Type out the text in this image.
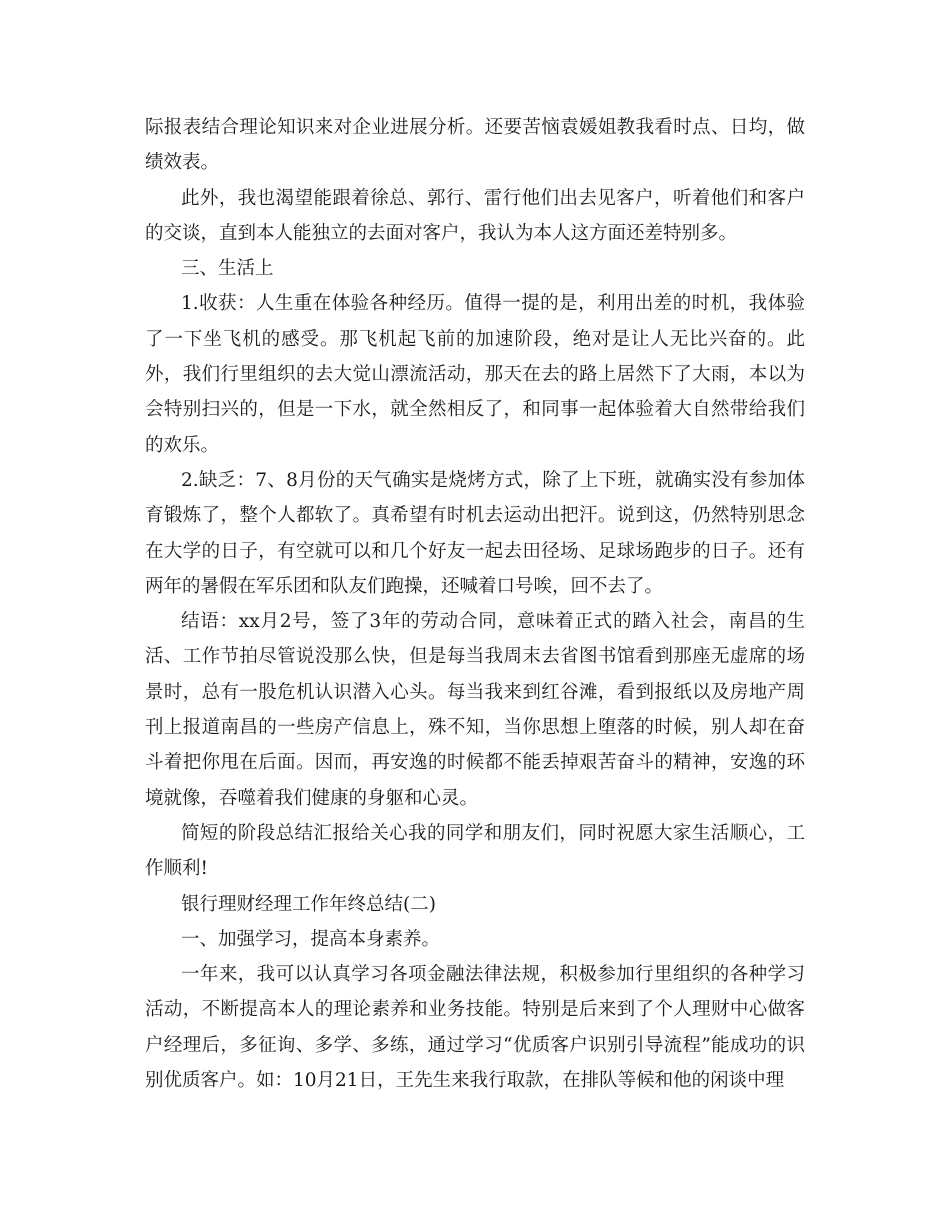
际报表结合理论知识来对企业进展分析。还要苦恼袁媛姐教我看时点、日均，做绩效表。

此外，我也渴望能跟着徐总、郭行、雷行他们出去见客户，听着他们和客户的交谈，直到本人能独立的去面对客户，我认为本人这方面还差特别多。

三、生活上

1.收获：人生重在体验各种经历。值得一提的是，利用出差的时机，我体验了一下坐飞机的感受。那飞机起飞前的加速阶段，绝对是让人无比兴奋的。此外，我们行里组织的去大觉山漂流活动，那天在去的路上居然下了大雨，本以为会特别扫兴的，但是一下水，就全然相反了，和同事一起体验着大自然带给我们的欢乐。

2.缺乏：7、8月份的天气确实是烧烤方式，除了上下班，就确实没有参加体育锻炼了，整个人都软了。真希望有时机去运动出把汗。说到这，仍然特别思念在大学的日子，有空就可以和几个好友一起去田径场、足球场跑步的日子。还有两年的暑假在军乐团和队友们跑操，还喊着口号唉，回不去了。

结语：xx月2号，签了3年的劳动合同，意味着正式的踏入社会，南昌的生活、工作节拍尽管说没那么快，但是每当我周末去省图书馆看到那座无虚席的场景时，总有一股危机认识潜入心头。每当我来到红谷滩，看到报纸以及房地产周刊上报道南昌的一些房产信息上，殊不知，当你思想上堕落的时候，别人却在奋斗着把你甩在后面。因而，再安逸的时候都不能丢掉艰苦奋斗的精神，安逸的环境就像，吞噬着我们健康的身躯和心灵。

简短的阶段总结汇报给关心我的同学和朋友们，同时祝愿大家生活顺心，工作顺利!

银行理财经理工作年终总结(二)

一、加强学习，提高本身素养。

一年来，我可以认真学习各项金融法律法规，积极参加行里组织的各种学习活动，不断提高本人的理论素养和业务技能。特别是后来到了个人理财中心做客户经理后，多征询、多学、多练，通过学习“优质客户识别引导流程”能成功的识别优质客户。如：10月21日，王先生来我行取款，在排队等候和他的闲谈中理
